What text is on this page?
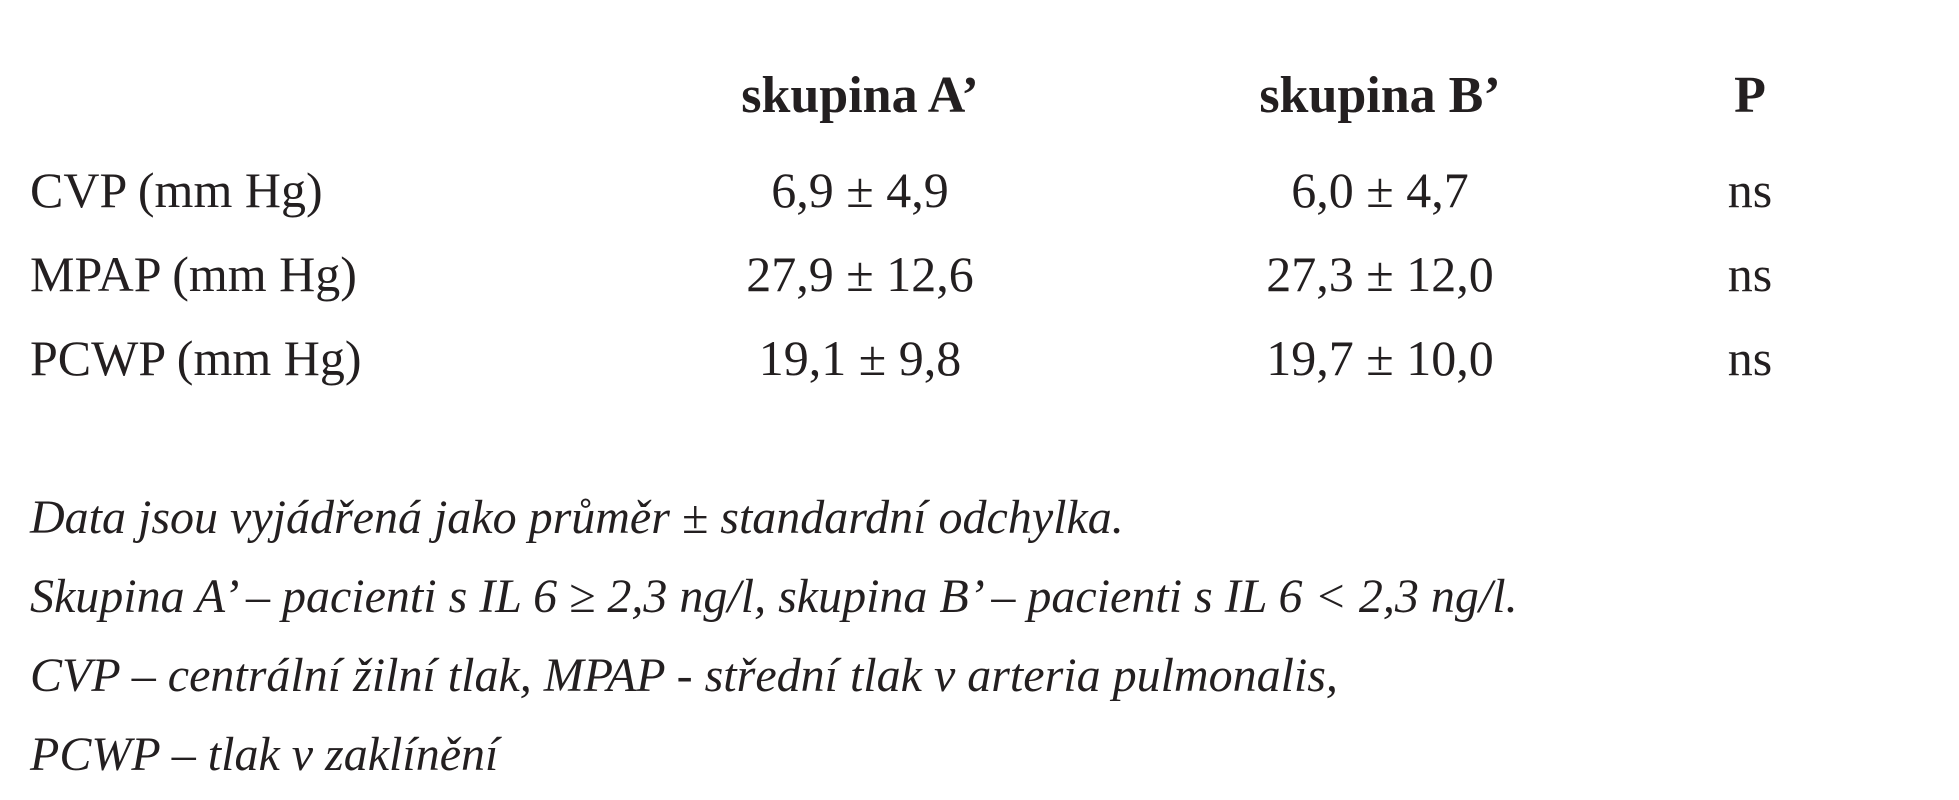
	skupina A’		skupina B’	P
CVP (mm Hg)	6,9 ± 4,9		6,0 ± 4,7	ns
MPAP (mm Hg)	27,9 ± 12,6		27,3 ± 12,0	ns
PCWP (mm Hg)	19,1 ± 9,8		19,7 ± 10,0	ns
Data jsou vyjádřená jako průměr ± standardní odchylka.
Skupina A’ – pacienti s IL 6 ≥ 2,3 ng/l, skupina B’ – pacienti s IL 6 < 2,3 ng/l.
CVP – centrální žilní tlak, MPAP - střední tlak v arteria pulmonalis,
PCWP – tlak v zaklínění
